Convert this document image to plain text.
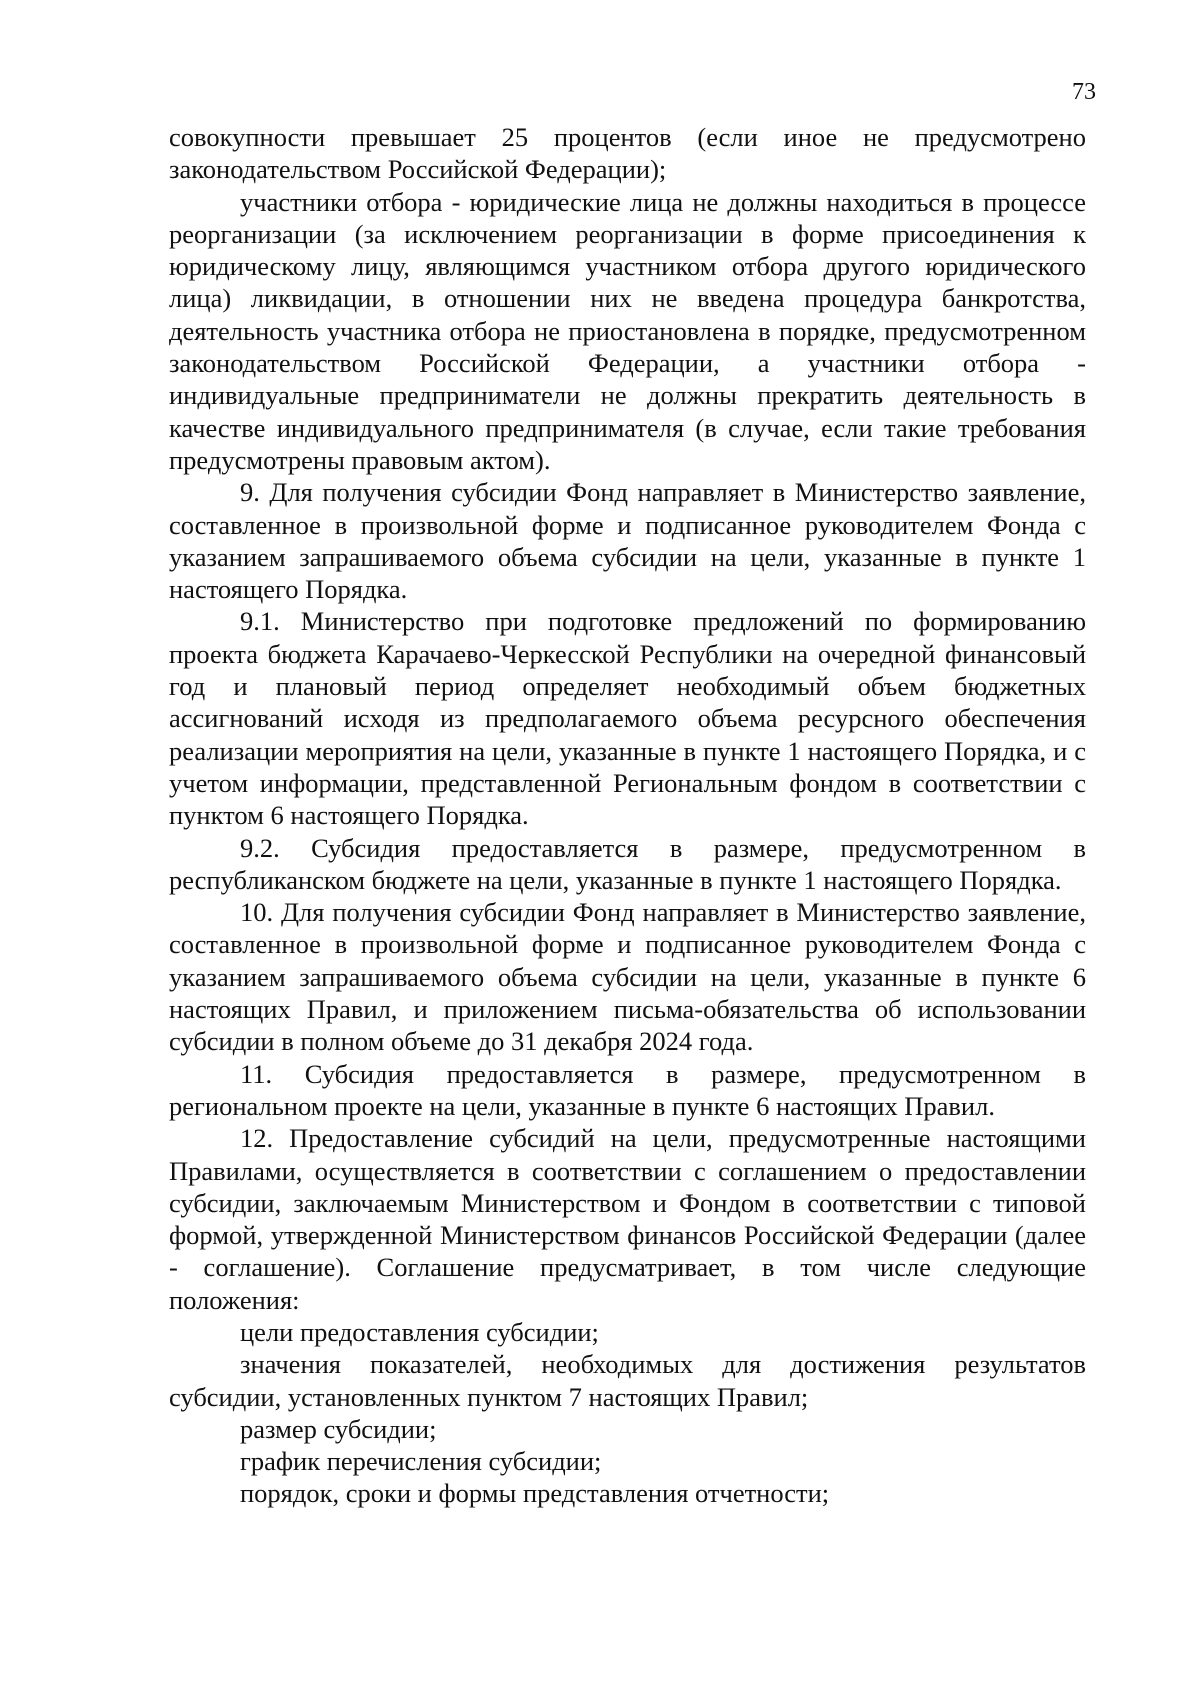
73

совокупности превышает 25 процентов (если иное не предусмотрено законодательством Российской Федерации);

участники отбора - юридические лица не должны находиться в процессе реорганизации (за исключением реорганизации в форме присоединения к юридическому лицу, являющимся участником отбора другого юридического лица) ликвидации, в отношении них не введена процедура банкротства, деятельность участника отбора не приостановлена в порядке, предусмотренном законодательством Российской Федерации, а участники отбора - индивидуальные предприниматели не должны прекратить деятельность в качестве индивидуального предпринимателя (в случае, если такие требования предусмотрены правовым актом).

9. Для получения субсидии Фонд направляет в Министерство заявление, составленное в произвольной форме и подписанное руководителем Фонда с указанием запрашиваемого объема субсидии на цели, указанные в пункте 1 настоящего Порядка.

9.1. Министерство при подготовке предложений по формированию проекта бюджета Карачаево-Черкесской Республики на очередной финансовый год и плановый период определяет необходимый объем бюджетных ассигнований исходя из предполагаемого объема ресурсного обеспечения реализации мероприятия на цели, указанные в пункте 1 настоящего Порядка, и с учетом информации, представленной Региональным фондом в соответствии с пунктом 6 настоящего Порядка.

9.2. Субсидия предоставляется в размере, предусмотренном в республиканском бюджете на цели, указанные в пункте 1 настоящего Порядка.

10. Для получения субсидии Фонд направляет в Министерство заявление, составленное в произвольной форме и подписанное руководителем Фонда с указанием запрашиваемого объема субсидии на цели, указанные в пункте 6 настоящих Правил, и приложением письма-обязательства об использовании субсидии в полном объеме до 31 декабря 2024 года.

11. Субсидия предоставляется в размере, предусмотренном в региональном проекте на цели, указанные в пункте 6 настоящих Правил.

12. Предоставление субсидий на цели, предусмотренные настоящими Правилами, осуществляется в соответствии с соглашением о предоставлении субсидии, заключаемым Министерством и Фондом в соответствии с типовой формой, утвержденной Министерством финансов Российской Федерации (далее - соглашение). Соглашение предусматривает, в том числе следующие положения:

цели предоставления субсидии;

значения показателей, необходимых для достижения результатов субсидии, установленных пунктом 7 настоящих Правил;

размер субсидии;

график перечисления субсидии;

порядок, сроки и формы представления отчетности;
